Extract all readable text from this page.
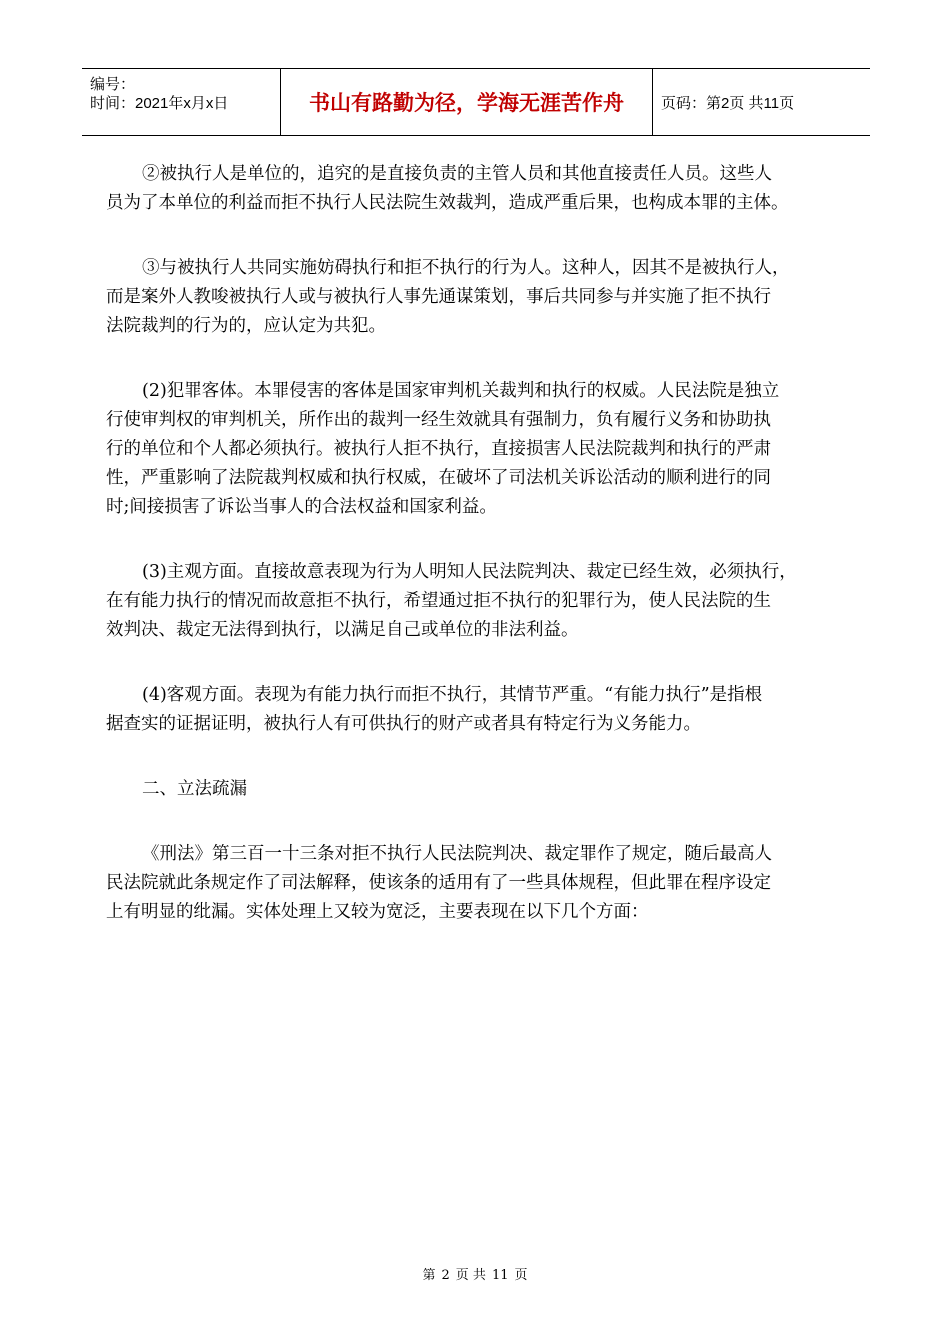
编号：
时间：2021年x月x日	书山有路勤为径，学海无涯苦作舟	页码：第2页 共11页
②被执行人是单位的，追究的是直接负责的主管人员和其他直接责任人员。这些人
员为了本单位的利益而拒不执行人民法院生效裁判，造成严重后果，也构成本罪的主体。
③与被执行人共同实施妨碍执行和拒不执行的行为人。这种人，因其不是被执行人，
而是案外人教唆被执行人或与被执行人事先通谋策划，事后共同参与并实施了拒不执行
法院裁判的行为的，应认定为共犯。
(2)犯罪客体。本罪侵害的客体是国家审判机关裁判和执行的权威。人民法院是独立
行使审判权的审判机关，所作出的裁判一经生效就具有强制力，负有履行义务和协助执
行的单位和个人都必须执行。被执行人拒不执行，直接损害人民法院裁判和执行的严肃
性，严重影响了法院裁判权威和执行权威，在破坏了司法机关诉讼活动的顺利进行的同
时;间接损害了诉讼当事人的合法权益和国家利益。
(3)主观方面。直接故意表现为行为人明知人民法院判决、裁定已经生效，必须执行，
在有能力执行的情况而故意拒不执行，希望通过拒不执行的犯罪行为，使人民法院的生
效判决、裁定无法得到执行，以满足自己或单位的非法利益。
(4)客观方面。表现为有能力执行而拒不执行，其情节严重。“有能力执行”是指根
据查实的证据证明，被执行人有可供执行的财产或者具有特定行为义务能力。
二、立法疏漏
《刑法》第三百一十三条对拒不执行人民法院判决、裁定罪作了规定，随后最高人
民法院就此条规定作了司法解释，使该条的适用有了一些具体规程，但此罪在程序设定
上有明显的纰漏。实体处理上又较为宽泛，主要表现在以下几个方面：
第 2 页 共 11 页
